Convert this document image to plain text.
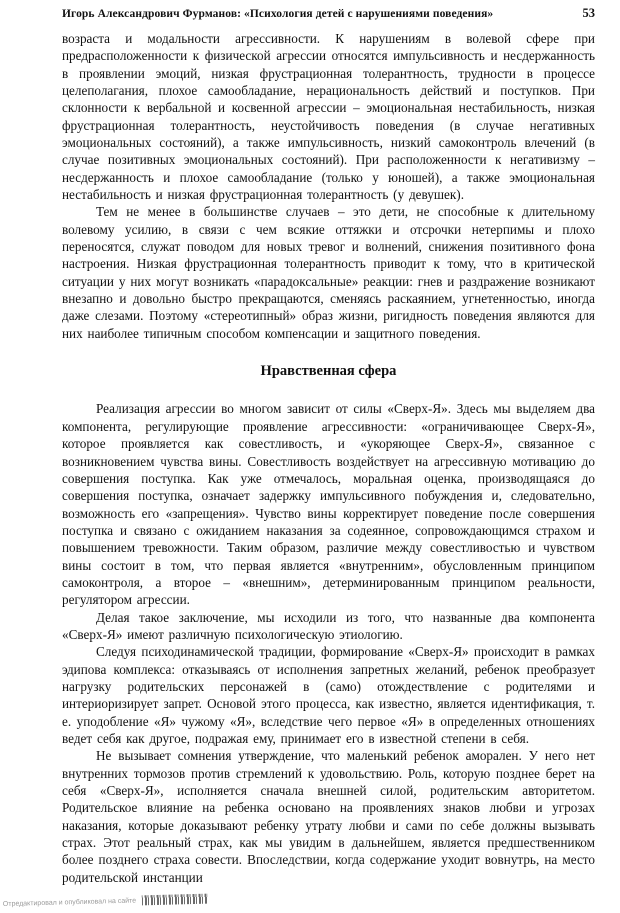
Игорь Александрович Фурманов: «Психология детей с нарушениями поведения»	53

возраста и модальности агрессивности. К нарушениям в волевой сфере при предрасположенности к физической агрессии относятся импульсивность и несдержанность в проявлении эмоций, низкая фрустрационная толерантность, трудности в процессе целеполагания, плохое самообладание, нерациональность действий и поступков. При склонности к вербальной и косвенной агрессии – эмоциональная нестабильность, низкая фрустрационная толерантность, неустойчивость поведения (в случае негативных эмоциональных состояний), а также импульсивность, низкий самоконтроль влечений (в случае позитивных эмоциональных состояний). При расположенности к негативизму – несдержанность и плохое самообладание (только у юношей), а также эмоциональная нестабильность и низкая фрустрационная толерантность (у девушек).

Тем не менее в большинстве случаев – это дети, не способные к длительному волевому усилию, в связи с чем всякие оттяжки и отсрочки нетерпимы и плохо переносятся, служат поводом для новых тревог и волнений, снижения позитивного фона настроения. Низкая фрустрационная толерантность приводит к тому, что в критической ситуации у них могут возникать «парадоксальные» реакции: гнев и раздражение возникают внезапно и довольно быстро прекращаются, сменяясь раскаянием, угнетенностью, иногда даже слезами. Поэтому «стереотипный» образ жизни, ригидность поведения являются для них наиболее типичным способом компенсации и защитного поведения.

Нравственная сфера

Реализация агрессии во многом зависит от силы «Сверх-Я». Здесь мы выделяем два компонента, регулирующие проявление агрессивности: «ограничивающее Сверх-Я», которое проявляется как совестливость, и «укоряющее Сверх-Я», связанное с возникновением чувства вины. Совестливость воздействует на агрессивную мотивацию до совершения поступка. Как уже отмечалось, моральная оценка, производящаяся до совершения поступка, означает задержку импульсивного побуждения и, следовательно, возможность его «запрещения». Чувство вины корректирует поведение после совершения поступка и связано с ожиданием наказания за содеянное, сопровождающимся страхом и повышением тревожности. Таким образом, различие между совестливостью и чувством вины состоит в том, что первая является «внутренним», обусловленным принципом самоконтроля, а второе – «внешним», детерминированным принципом реальности, регулятором агрессии.

Делая такое заключение, мы исходили из того, что названные два компонента «Сверх-Я» имеют различную психологическую этиологию.

Следуя психодинамической традиции, формирование «Сверх-Я» происходит в рамках эдипова комплекса: отказываясь от исполнения запретных желаний, ребенок преобразует нагрузку родительских персонажей в (само) отождествление с родителями и интериоризирует запрет. Основой этого процесса, как известно, является идентификация, т. е. уподобление «Я» чужому «Я», вследствие чего первое «Я» в определенных отношениях ведет себя как другое, подражая ему, принимает его в известной степени в себя.

Не вызывает сомнения утверждение, что маленький ребенок аморален. У него нет внутренних тормозов против стремлений к удовольствию. Роль, которую позднее берет на себя «Сверх-Я», исполняется сначала внешней силой, родительским авторитетом. Родительское влияние на ребенка основано на проявлениях знаков любви и угрозах наказания, которые доказывают ребенку утрату любви и сами по себе должны вызывать страх. Этот реальный страх, как мы увидим в дальнейшем, является предшественником более позднего страха совести. Впоследствии, когда содержание уходит вовнутрь, на место родительской инстанции

Отредактировал и опубликовал на сайте
